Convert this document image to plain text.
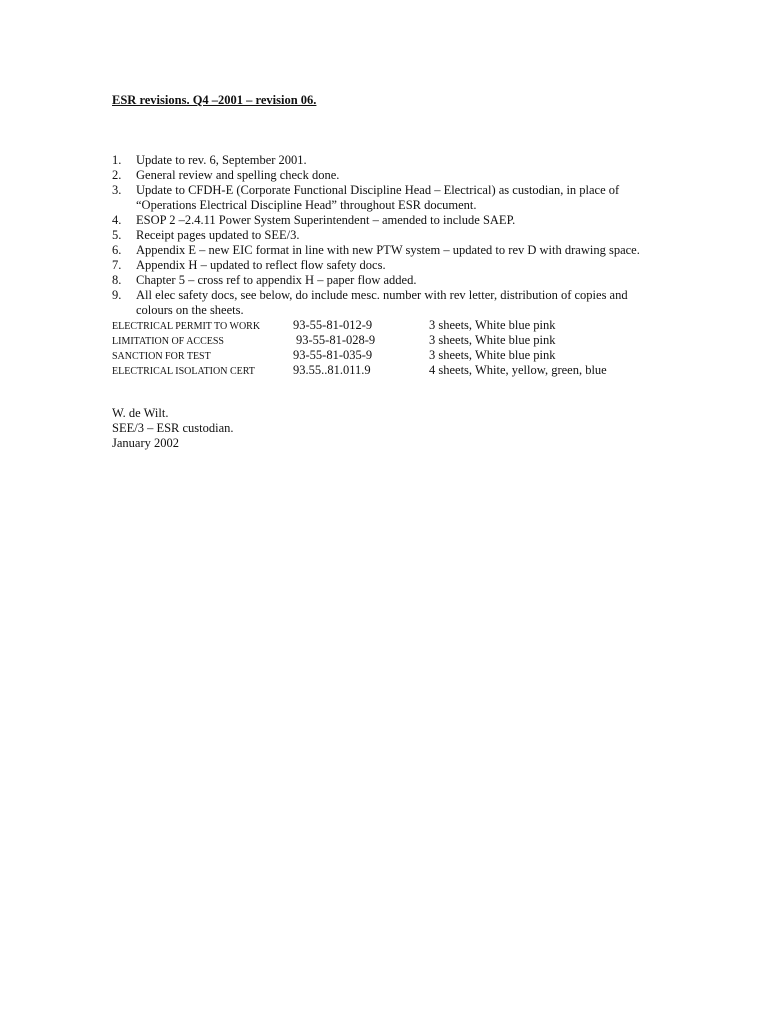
ESR revisions. Q4 –2001 – revision 06.
1. Update to rev. 6, September 2001.
2. General review and spelling check done.
3. Update to CFDH-E (Corporate Functional Discipline Head – Electrical) as custodian, in place of
“Operations Electrical Discipline Head” throughout ESR document.
4. ESOP 2 –2.4.11 Power System Superintendent – amended to include SAEP.
5. Receipt pages updated to SEE/3.
6. Appendix E – new EIC format in line with new PTW system – updated to rev D with drawing space.
7. Appendix H – updated to reflect flow safety docs.
8. Chapter 5 – cross ref to appendix H – paper flow added.
9. All elec safety docs, see below, do include mesc. number with rev letter, distribution of copies and
colours on the sheets.
ELECTRICAL PERMIT TO WORK	93-55-81-012-9	3 sheets, White blue pink
LIMITATION OF ACCESS	93-55-81-028-9	3 sheets, White blue pink
SANCTION FOR TEST	93-55-81-035-9	3 sheets, White blue pink
ELECTRICAL ISOLATION CERT	93.55..81.011.9	4 sheets, White, yellow, green, blue
W. de Wilt.
SEE/3 – ESR custodian.
January 2002
